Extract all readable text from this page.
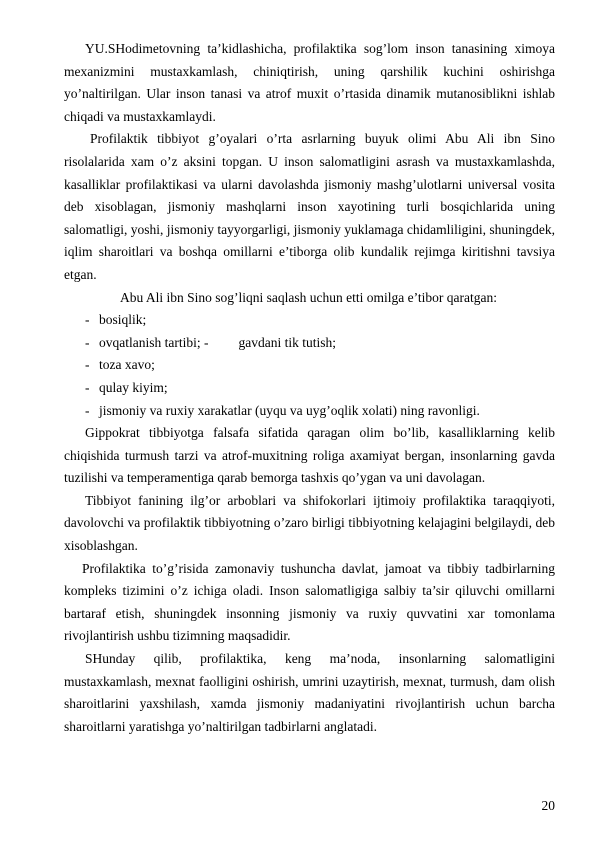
YU.SHodimetovning ta’kidlashicha, profilaktika sog’lom inson tanasining ximoya mexanizmini mustaxkamlash, chiniqtirish, uning qarshilik kuchini oshirishga yo’naltirilgan. Ular inson tanasi va atrof muxit o’rtasida dinamik mutanosiblikni ishlab chiqadi va mustaxkamlaydi.

Profilaktik tibbiyot g’oyalari o’rta asrlarning buyuk olimi Abu Ali ibn Sino risolalarida xam o’z aksini topgan. U inson salomatligini asrash va mustaxkamlashda, kasalliklar profilaktikasi va ularni davolashda jismoniy mashg’ulotlarni universal vosita deb xisoblagan, jismoniy mashqlarni inson xayotining turli bosqichlarida uning salomatligi, yoshi, jismoniy tayyorgarligi, jismoniy yuklamaga chidamliligini, shuningdek, iqlim sharoitlari va boshqa omillarni e’tiborga olib kundalik rejimga kiritishni tavsiya etgan.

Abu Ali ibn Sino sog’liqni saqlash uchun etti omilga e’tibor qaratgan:

- bosiqlik;
- ovqatlanish tartibi; - gavdani tik tutish;
- toza xavo;
- qulay kiyim;
- jismoniy va ruxiy xarakatlar (uyqu va uyg’oqlik xolati) ning ravonligi.

Gippokrat tibbiyotga falsafa sifatida qaragan olim bo’lib, kasalliklarning kelib chiqishida turmush tarzi va atrof-muxitning roliga axamiyat bergan, insonlarning gavda tuzilishi va temperamentiga qarab bemorga tashxis qo’ygan va uni davolagan.

Tibbiyot fanining ilg’or arboblari va shifokorlari ijtimoiy profilaktika taraqqiyoti, davolovchi va profilaktik tibbiyotning o’zaro birligi tibbiyotning kelajagini belgilaydi, deb xisoblashgan.

Profilaktika to’g’risida zamonaviy tushuncha davlat, jamoat va tibbiy tadbirlarning kompleks tizimini o’z ichiga oladi. Inson salomatligiga salbiy ta’sir qiluvchi omillarni bartaraf etish, shuningdek insonning jismoniy va ruxiy quvvatini xar tomonlama rivojlantirish ushbu tizimning maqsadidir.

SHunday qilib, profilaktika, keng ma’noda, insonlarning salomatligini mustaxkamlash, mexnat faolligini oshirish, umrini uzaytirish, mexnat, turmush, dam olish sharoitlarini yaxshilash, xamda jismoniy madaniyatini rivojlantirish uchun barcha sharoitlarni yaratishga yo’naltirilgan tadbirlarni anglatadi.

20
